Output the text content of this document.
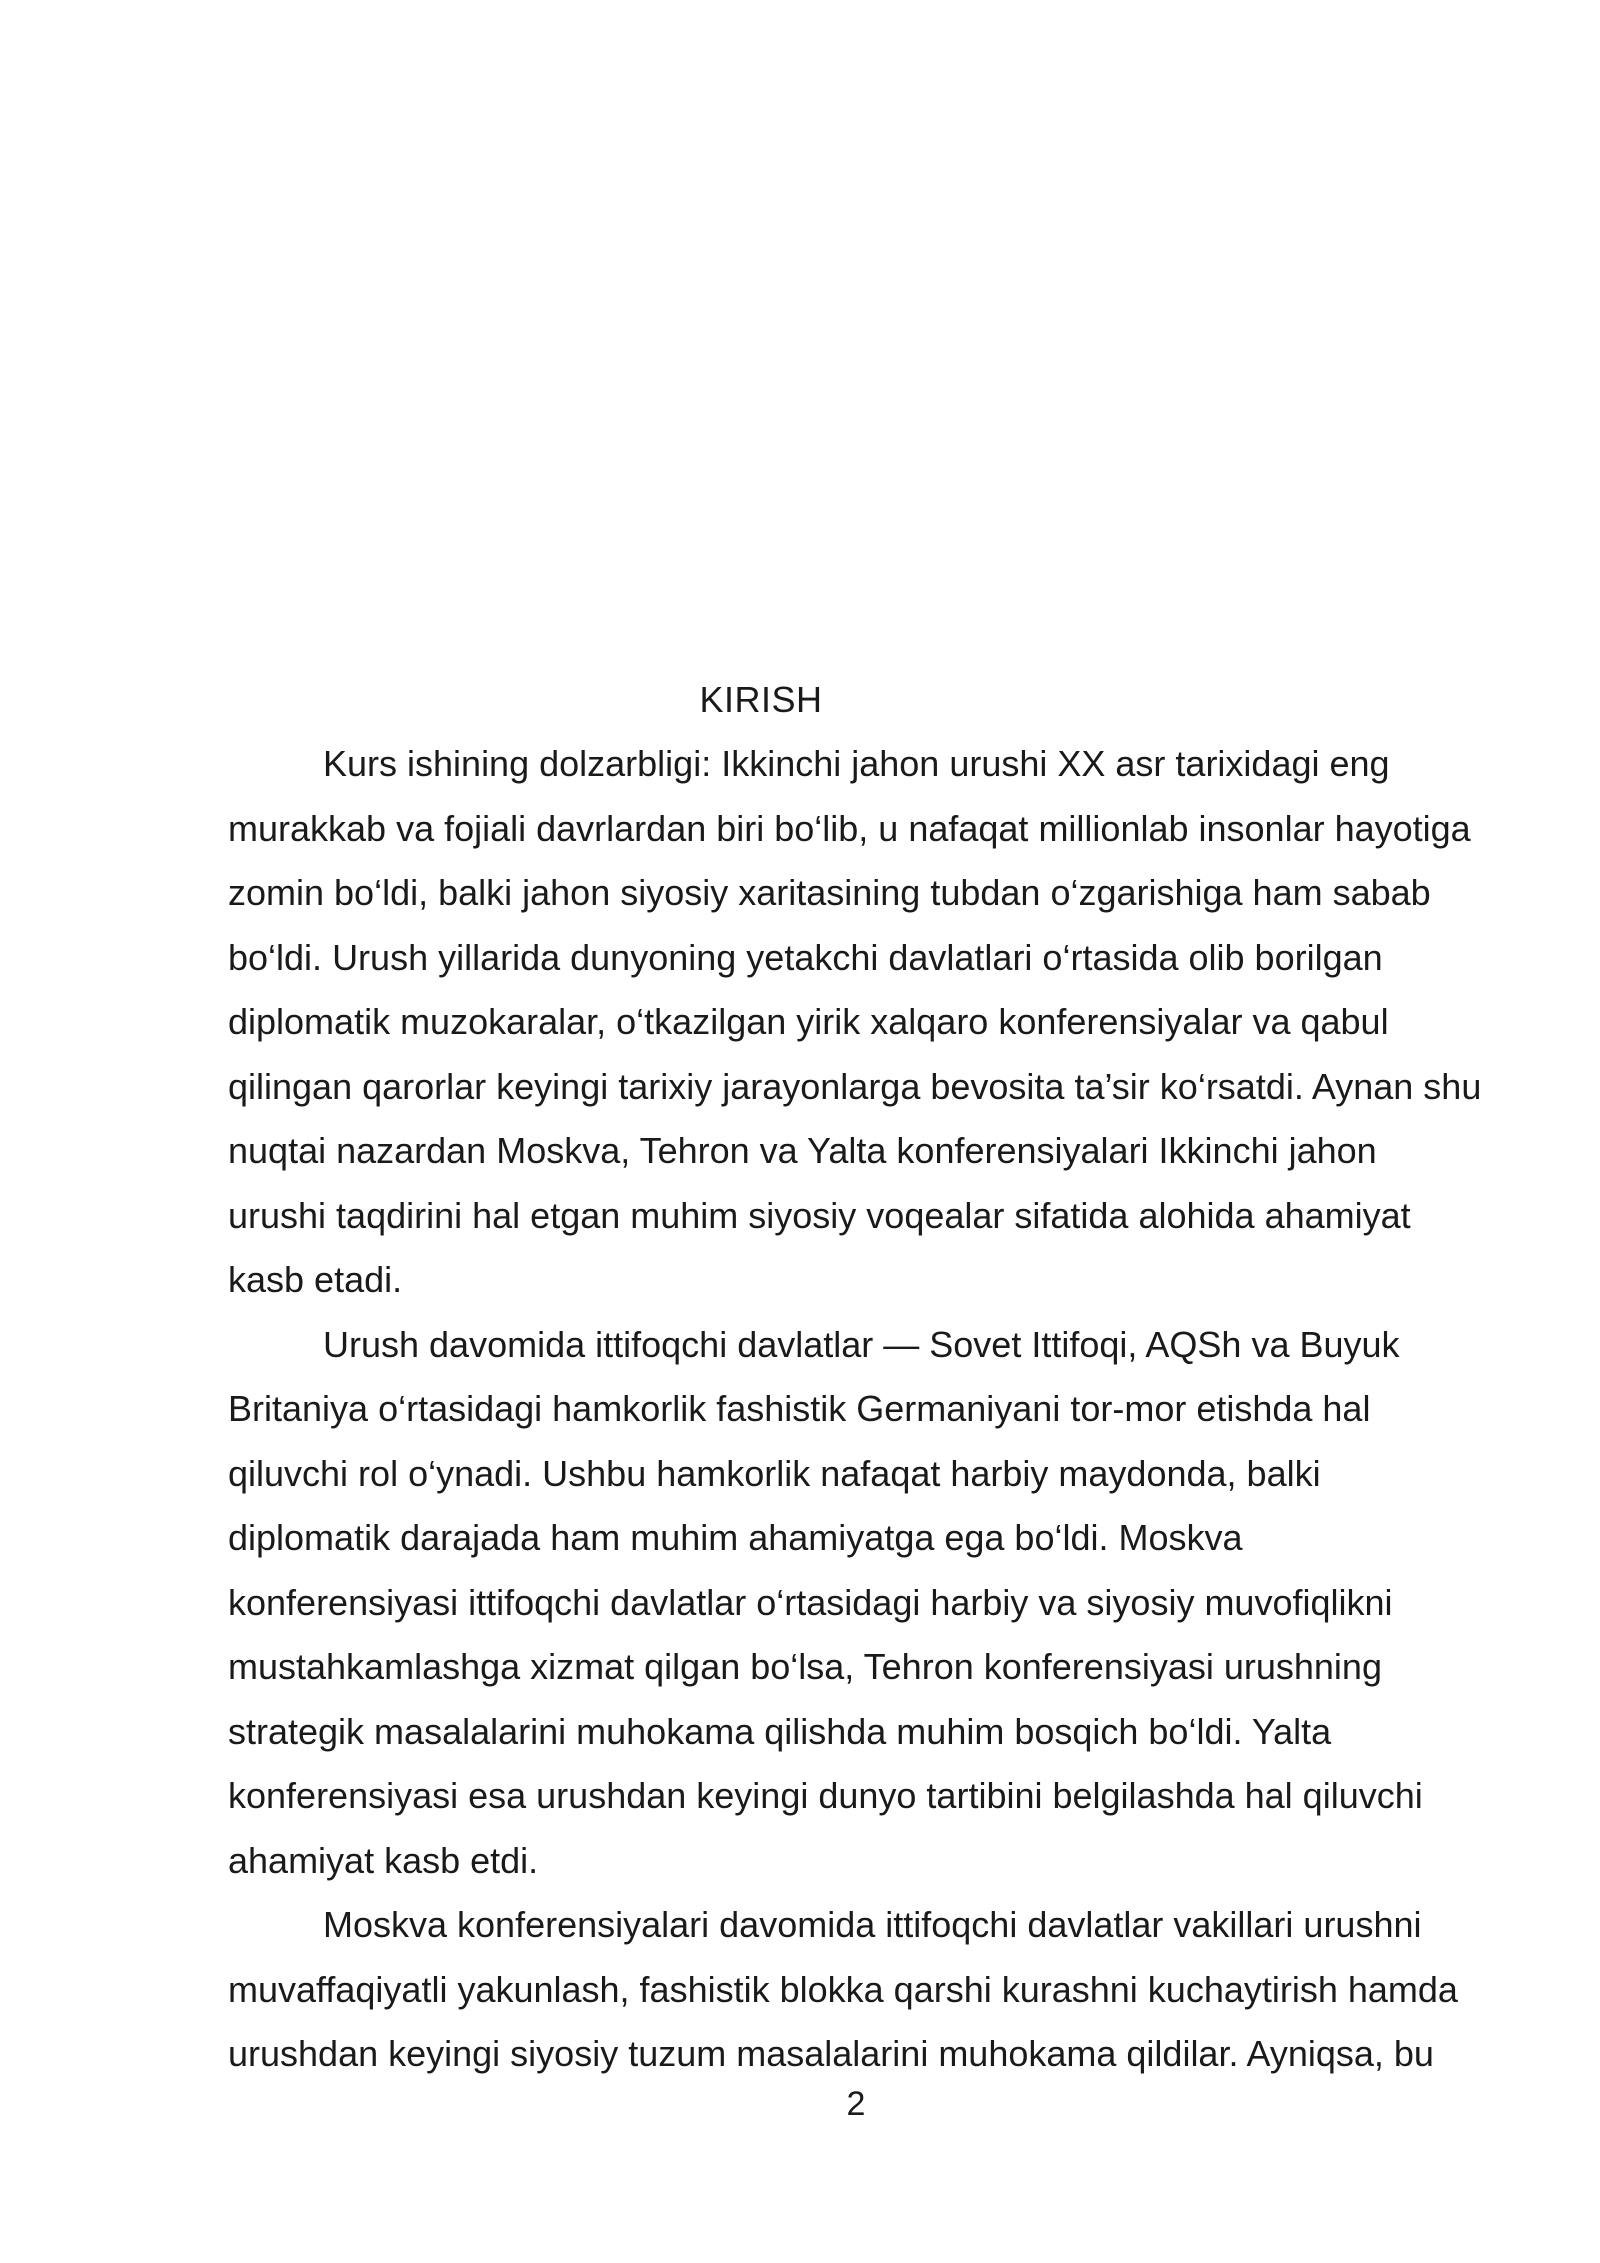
KIRISH

Kurs ishining dolzarbligi: Ikkinchi jahon urushi XX asr tarixidagi eng
murakkab va fojiali davrlardan biri bo‘lib, u nafaqat millionlab insonlar hayotiga
zomin bo‘ldi, balki jahon siyosiy xaritasining tubdan o‘zgarishiga ham sabab
bo‘ldi. Urush yillarida dunyoning yetakchi davlatlari o‘rtasida olib borilgan
diplomatik muzokaralar, o‘tkazilgan yirik xalqaro konferensiyalar va qabul
qilingan qarorlar keyingi tarixiy jarayonlarga bevosita ta’sir ko‘rsatdi. Aynan shu
nuqtai nazardan Moskva, Tehron va Yalta konferensiyalari Ikkinchi jahon
urushi taqdirini hal etgan muhim siyosiy voqealar sifatida alohida ahamiyat
kasb etadi.

Urush davomida ittifoqchi davlatlar — Sovet Ittifoqi, AQSh va Buyuk
Britaniya o‘rtasidagi hamkorlik fashistik Germaniyani tor-mor etishda hal
qiluvchi rol o‘ynadi. Ushbu hamkorlik nafaqat harbiy maydonda, balki
diplomatik darajada ham muhim ahamiyatga ega bo‘ldi. Moskva
konferensiyasi ittifoqchi davlatlar o‘rtasidagi harbiy va siyosiy muvofiqlikni
mustahkamlashga xizmat qilgan bo‘lsa, Tehron konferensiyasi urushning
strategik masalalarini muhokama qilishda muhim bosqich bo‘ldi. Yalta
konferensiyasi esa urushdan keyingi dunyo tartibini belgilashda hal qiluvchi
ahamiyat kasb etdi.

Moskva konferensiyalari davomida ittifoqchi davlatlar vakillari urushni
muvaffaqiyatli yakunlash, fashistik blokka qarshi kurashni kuchaytirish hamda
urushdan keyingi siyosiy tuzum masalalarini muhokama qildilar. Ayniqsa, bu

2
